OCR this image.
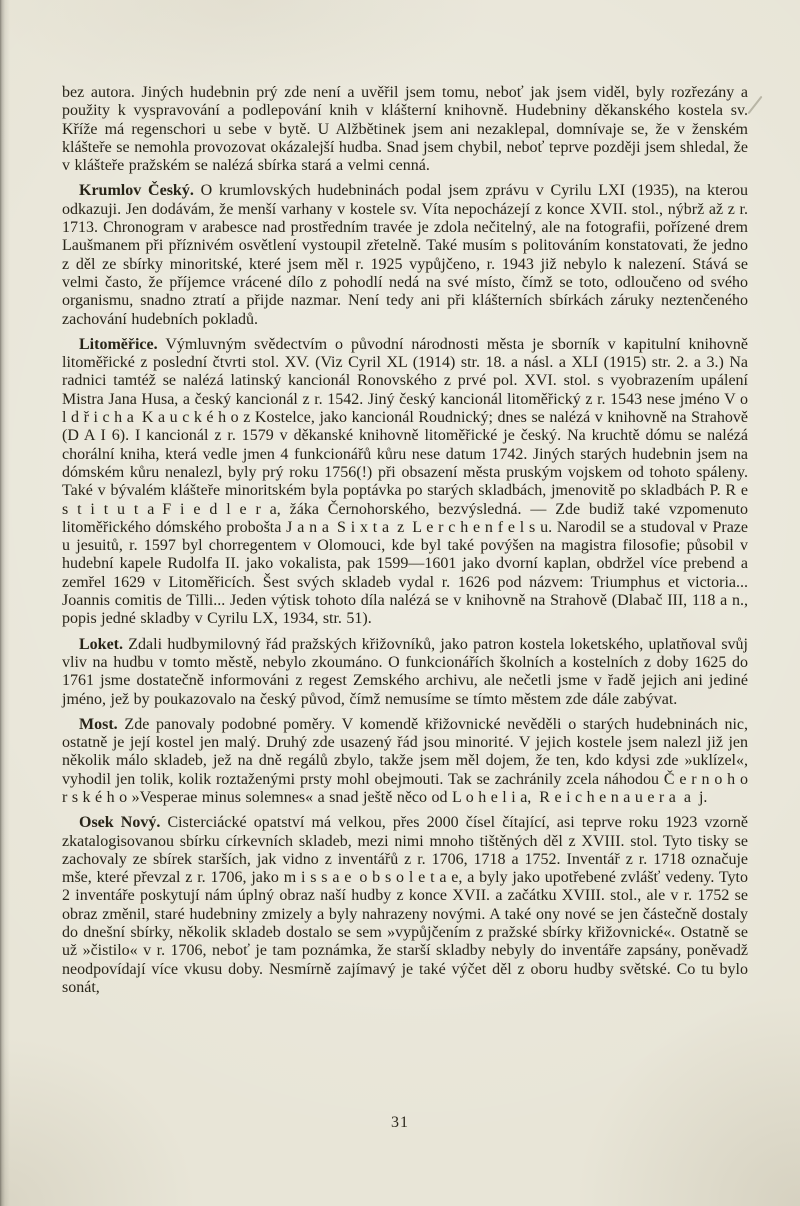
bez autora. Jiných hudebnin prý zde není a uvěřil jsem tomu, neboť jak jsem viděl, byly rozřezány a použity k vyspravování a podlepování knih v klášterní knihovně. Hudebniny děkanského kostela sv. Kříže má regenschori u sebe v bytě. U Alžbětinek jsem ani nezaklepal, domnívaje se, že v ženském klášteře se nemohla provozovat okázalejší hudba. Snad jsem chybil, neboť teprve později jsem shledal, že v klášteře pražském se nalézá sbírka stará a velmi cenná.

Krumlov Český. O krumlovských hudebninách podal jsem zprávu v Cyrilu LXI (1935), na kterou odkazuji. Jen dodávám, že menší varhany v kostele sv. Víta nepocházejí z konce XVII. stol., nýbrž až z r. 1713. Chronogram v arabesce nad prostředním travée je zdola nečitelný, ale na fotografii, pořízené drem Laušmanem při příznivém osvětlení vystoupil zřetelně. Také musím s politováním konstatovati, že jedno z děl ze sbírky minoritské, které jsem měl r. 1925 vypůjčeno, r. 1943 již nebylo k nalezení. Stává se velmi často, že příjemce vrácené dílo z pohodlí nedá na své místo, čímž se toto, odloučeno od svého organismu, snadno ztratí a přijde nazmar. Není tedy ani při klášterních sbírkách záruky neztenčeného zachování hudebních pokladů.

Litoměřice. Výmluvným svědectvím o původní národnosti města je sborník v kapitulní knihovně litoměřické z poslední čtvrti stol. XV. (Viz Cyril XL (1914) str. 18. a násl. a XLI (1915) str. 2. a 3.) Na radnici tamtéž se nalézá latinský kancionál Ronovského z prvé pol. XVI. stol. s vyobrazením upálení Mistra Jana Husa, a český kancionál z r. 1542. Jiný český kancionál litoměřický z r. 1543 nese jméno V o l d ř i c h a K a u c k é h o z Kostelce, jako kancionál Roudnický; dnes se nalézá v knihovně na Strahově (D A I 6). I kancionál z r. 1579 v děkanské knihovně litoměřické je český. Na kruchtě dómu se nalézá chorální kniha, která vedle jmen 4 funkcionářů kůru nese datum 1742. Jiných starých hudebnin jsem na dómském kůru nenalezl, byly prý roku 1756(!) při obsazení města pruským vojskem od tohoto spáleny. Také v bývalém klášteře minoritském byla poptávka po starých skladbách, jmenovitě po skladbách P. R e s t i t u t a F i e d l e r a, žáka Černohorského, bezvýsledná. — Zde budiž také vzpomenuto litoměřického dómského probošta J a n a S i x t a z L e r c h e n f e l s u. Narodil se a studoval v Praze u jesuitů, r. 1597 byl chorregentem v Olomouci, kde byl také povýšen na magistra filosofie; působil v hudební kapele Rudolfa II. jako vokalista, pak 1599—1601 jako dvorní kaplan, obdržel více prebend a zemřel 1629 v Litoměřicích. Šest svých skladeb vydal r. 1626 pod názvem: Triumphus et victoria... Joannis comitis de Tilli... Jeden výtisk tohoto díla nalézá se v knihovně na Strahově (Dlabač III, 118 a n., popis jedné skladby v Cyrilu LX, 1934, str. 51).

Loket. Zdali hudbymilovný řád pražských křižovníků, jako patron kostela loketského, uplatňoval svůj vliv na hudbu v tomto městě, nebylo zkoumáno. O funkcionářích školních a kostelních z doby 1625 do 1761 jsme dostatečně informováni z regest Zemského archivu, ale nečetli jsme v řadě jejich ani jediné jméno, jež by poukazovalo na český původ, čímž nemusíme se tímto městem zde dále zabývat.

Most. Zde panovaly podobné poměry. V komendě křižovnické nevěděli o starých hudebninách nic, ostatně je její kostel jen malý. Druhý zde usazený řád jsou minorité. V jejich kostele jsem nalezl již jen několik málo skladeb, jež na dně regálů zbylo, takže jsem měl dojem, že ten, kdo kdysi zde »uklízel«, vyhodil jen tolik, kolik roztaženými prsty mohl obejmouti. Tak se zachránily zcela náhodou Č e r n o h o r s k é h o »Vesperae minus solemnes« a snad ještě něco od L o h e l i a, R e i c h e n a u e r a a j.

Osek Nový. Cisterciácké opatství má velkou, přes 2000 čísel čítající, asi teprve roku 1923 vzorně zkatalogisovanou sbírku církevních skladeb, mezi nimi mnoho tištěných děl z XVIII. stol. Tyto tisky se zachovaly ze sbírek starších, jak vidno z inventářů z r. 1706, 1718 a 1752. Inventář z r. 1718 označuje mše, které převzal z r. 1706, jako m i s s a e o b s o l e t a e, a byly jako upotřebené zvlášť vedeny. Tyto 2 inventáře poskytují nám úplný obraz naší hudby z konce XVII. a začátku XVIII. stol., ale v r. 1752 se obraz změnil, staré hudebniny zmizely a byly nahrazeny novými. A také ony nové se jen částečně dostaly do dnešní sbírky, několik skladeb dostalo se sem »vypůjčením z pražské sbírky křižovnické«. Ostatně se už »čistilo« v r. 1706, neboť je tam poznámka, že starší skladby nebyly do inventáře zapsány, poněvadž neodpovídají více vkusu doby. Nesmírně zajímavý je také výčet děl z oboru hudby světské. Co tu bylo sonát,

31
